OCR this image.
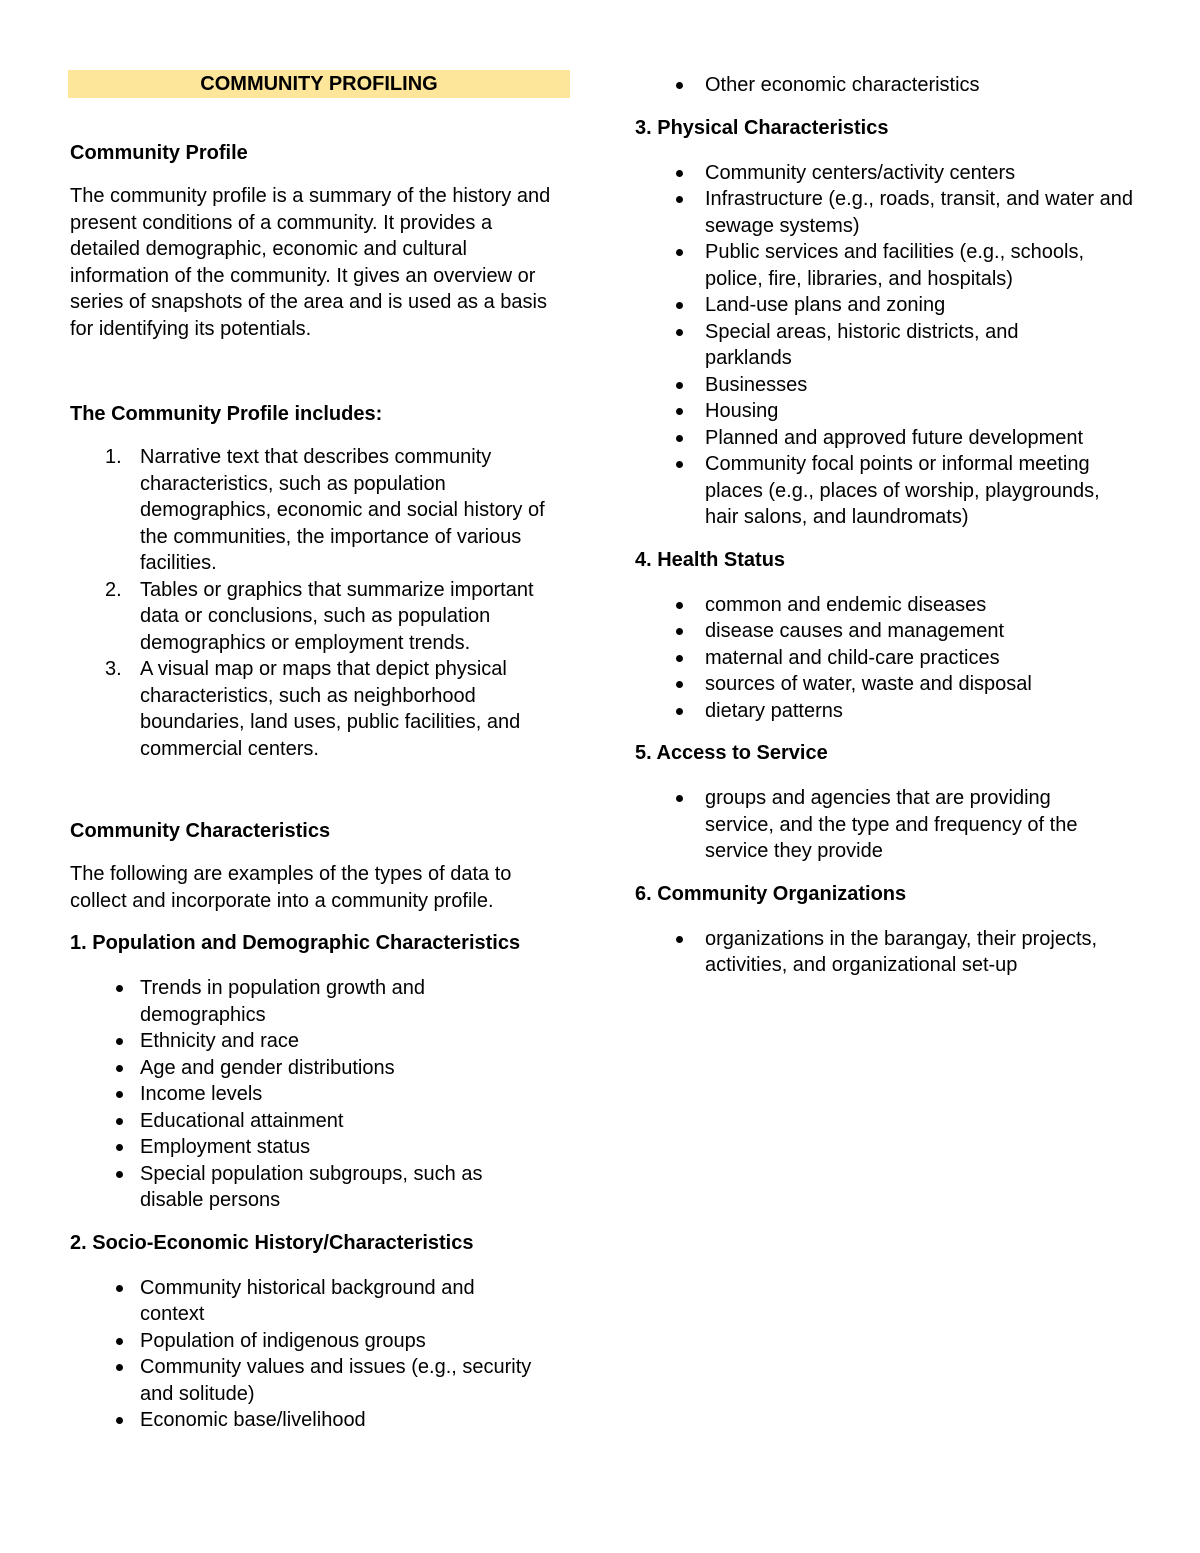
COMMUNITY PROFILING
Community Profile

The community profile is a summary of the history and present conditions of a community. It provides a detailed demographic, economic and cultural information of the community. It gives an overview or series of snapshots of the area and is used as a basis for identifying its potentials.

The Community Profile includes:
1. Narrative text that describes community characteristics, such as population demographics, economic and social history of the communities, the importance of various facilities.
2. Tables or graphics that summarize important data or conclusions, such as population demographics or employment trends.
3. A visual map or maps that depict physical characteristics, such as neighborhood boundaries, land uses, public facilities, and commercial centers.
Community Characteristics

The following are examples of the types of data to collect and incorporate into a community profile.

1. Population and Demographic Characteristics
Trends in population growth and demographics
Ethnicity and race
Age and gender distributions
Income levels
Educational attainment
Employment status
Special population subgroups, such as disable persons
2. Socio-Economic History/Characteristics
Community historical background and context
Population of indigenous groups
Community values and issues (e.g., security and solitude)
Economic base/livelihood
Other economic characteristics
3. Physical Characteristics
Community centers/activity centers
Infrastructure (e.g., roads, transit, and water and sewage systems)
Public services and facilities (e.g., schools, police, fire, libraries, and hospitals)
Land-use plans and zoning
Special areas, historic districts, and parklands
Businesses
Housing
Planned and approved future development
Community focal points or informal meeting places (e.g., places of worship, playgrounds, hair salons, and laundromats)
4. Health Status
common and endemic diseases
disease causes and management
maternal and child-care practices
sources of water, waste and disposal
dietary patterns
5. Access to Service
groups and agencies that are providing service, and the type and frequency of the service they provide
6. Community Organizations
organizations in the barangay, their projects, activities, and organizational set-up
